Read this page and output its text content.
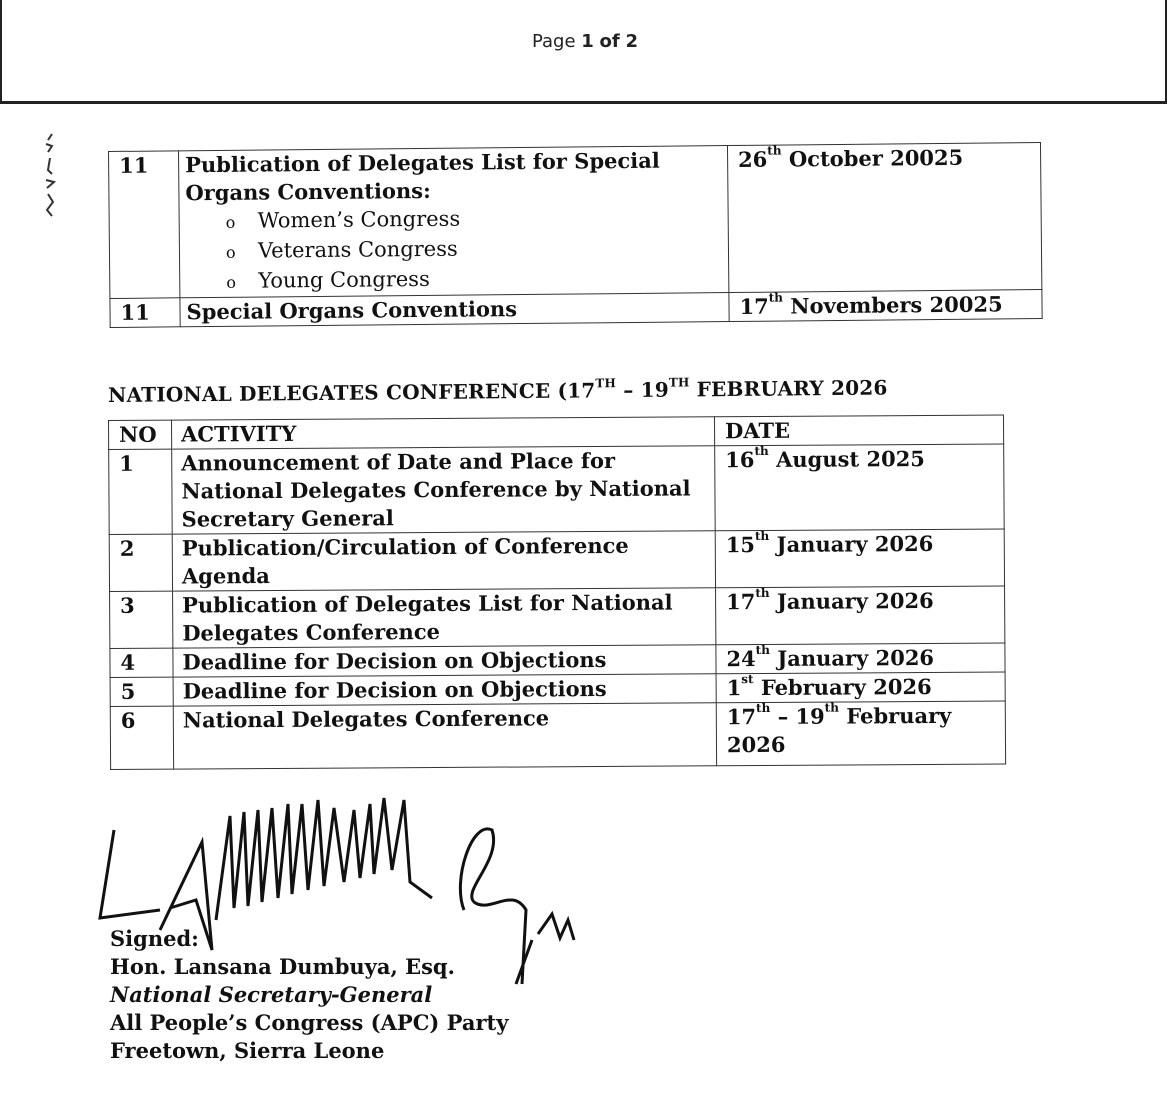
Page 1 of 2
11	Publication of Delegates List for Special Organs Conventions:
o Women’s Congress
o Veterans Congress
o Young Congress	26th October 20025
11	Special Organs Conventions	17th Novembers 20025
NATIONAL DELEGATES CONFERENCE (17TH – 19TH FEBRUARY 2026
NO	ACTIVITY	DATE
1	Announcement of Date and Place for National Delegates Conference by National Secretary General	16th August 2025
2	Publication/Circulation of Conference Agenda	15th January 2026
3	Publication of Delegates List for National Delegates Conference	17th January 2026
4	Deadline for Decision on Objections	24th January 2026
5	Deadline for Decision on Objections	1st February 2026
6	National Delegates Conference	17th – 19th February 2026
Signed:
Hon. Lansana Dumbuya, Esq.
National Secretary-General
All People’s Congress (APC) Party
Freetown, Sierra Leone
